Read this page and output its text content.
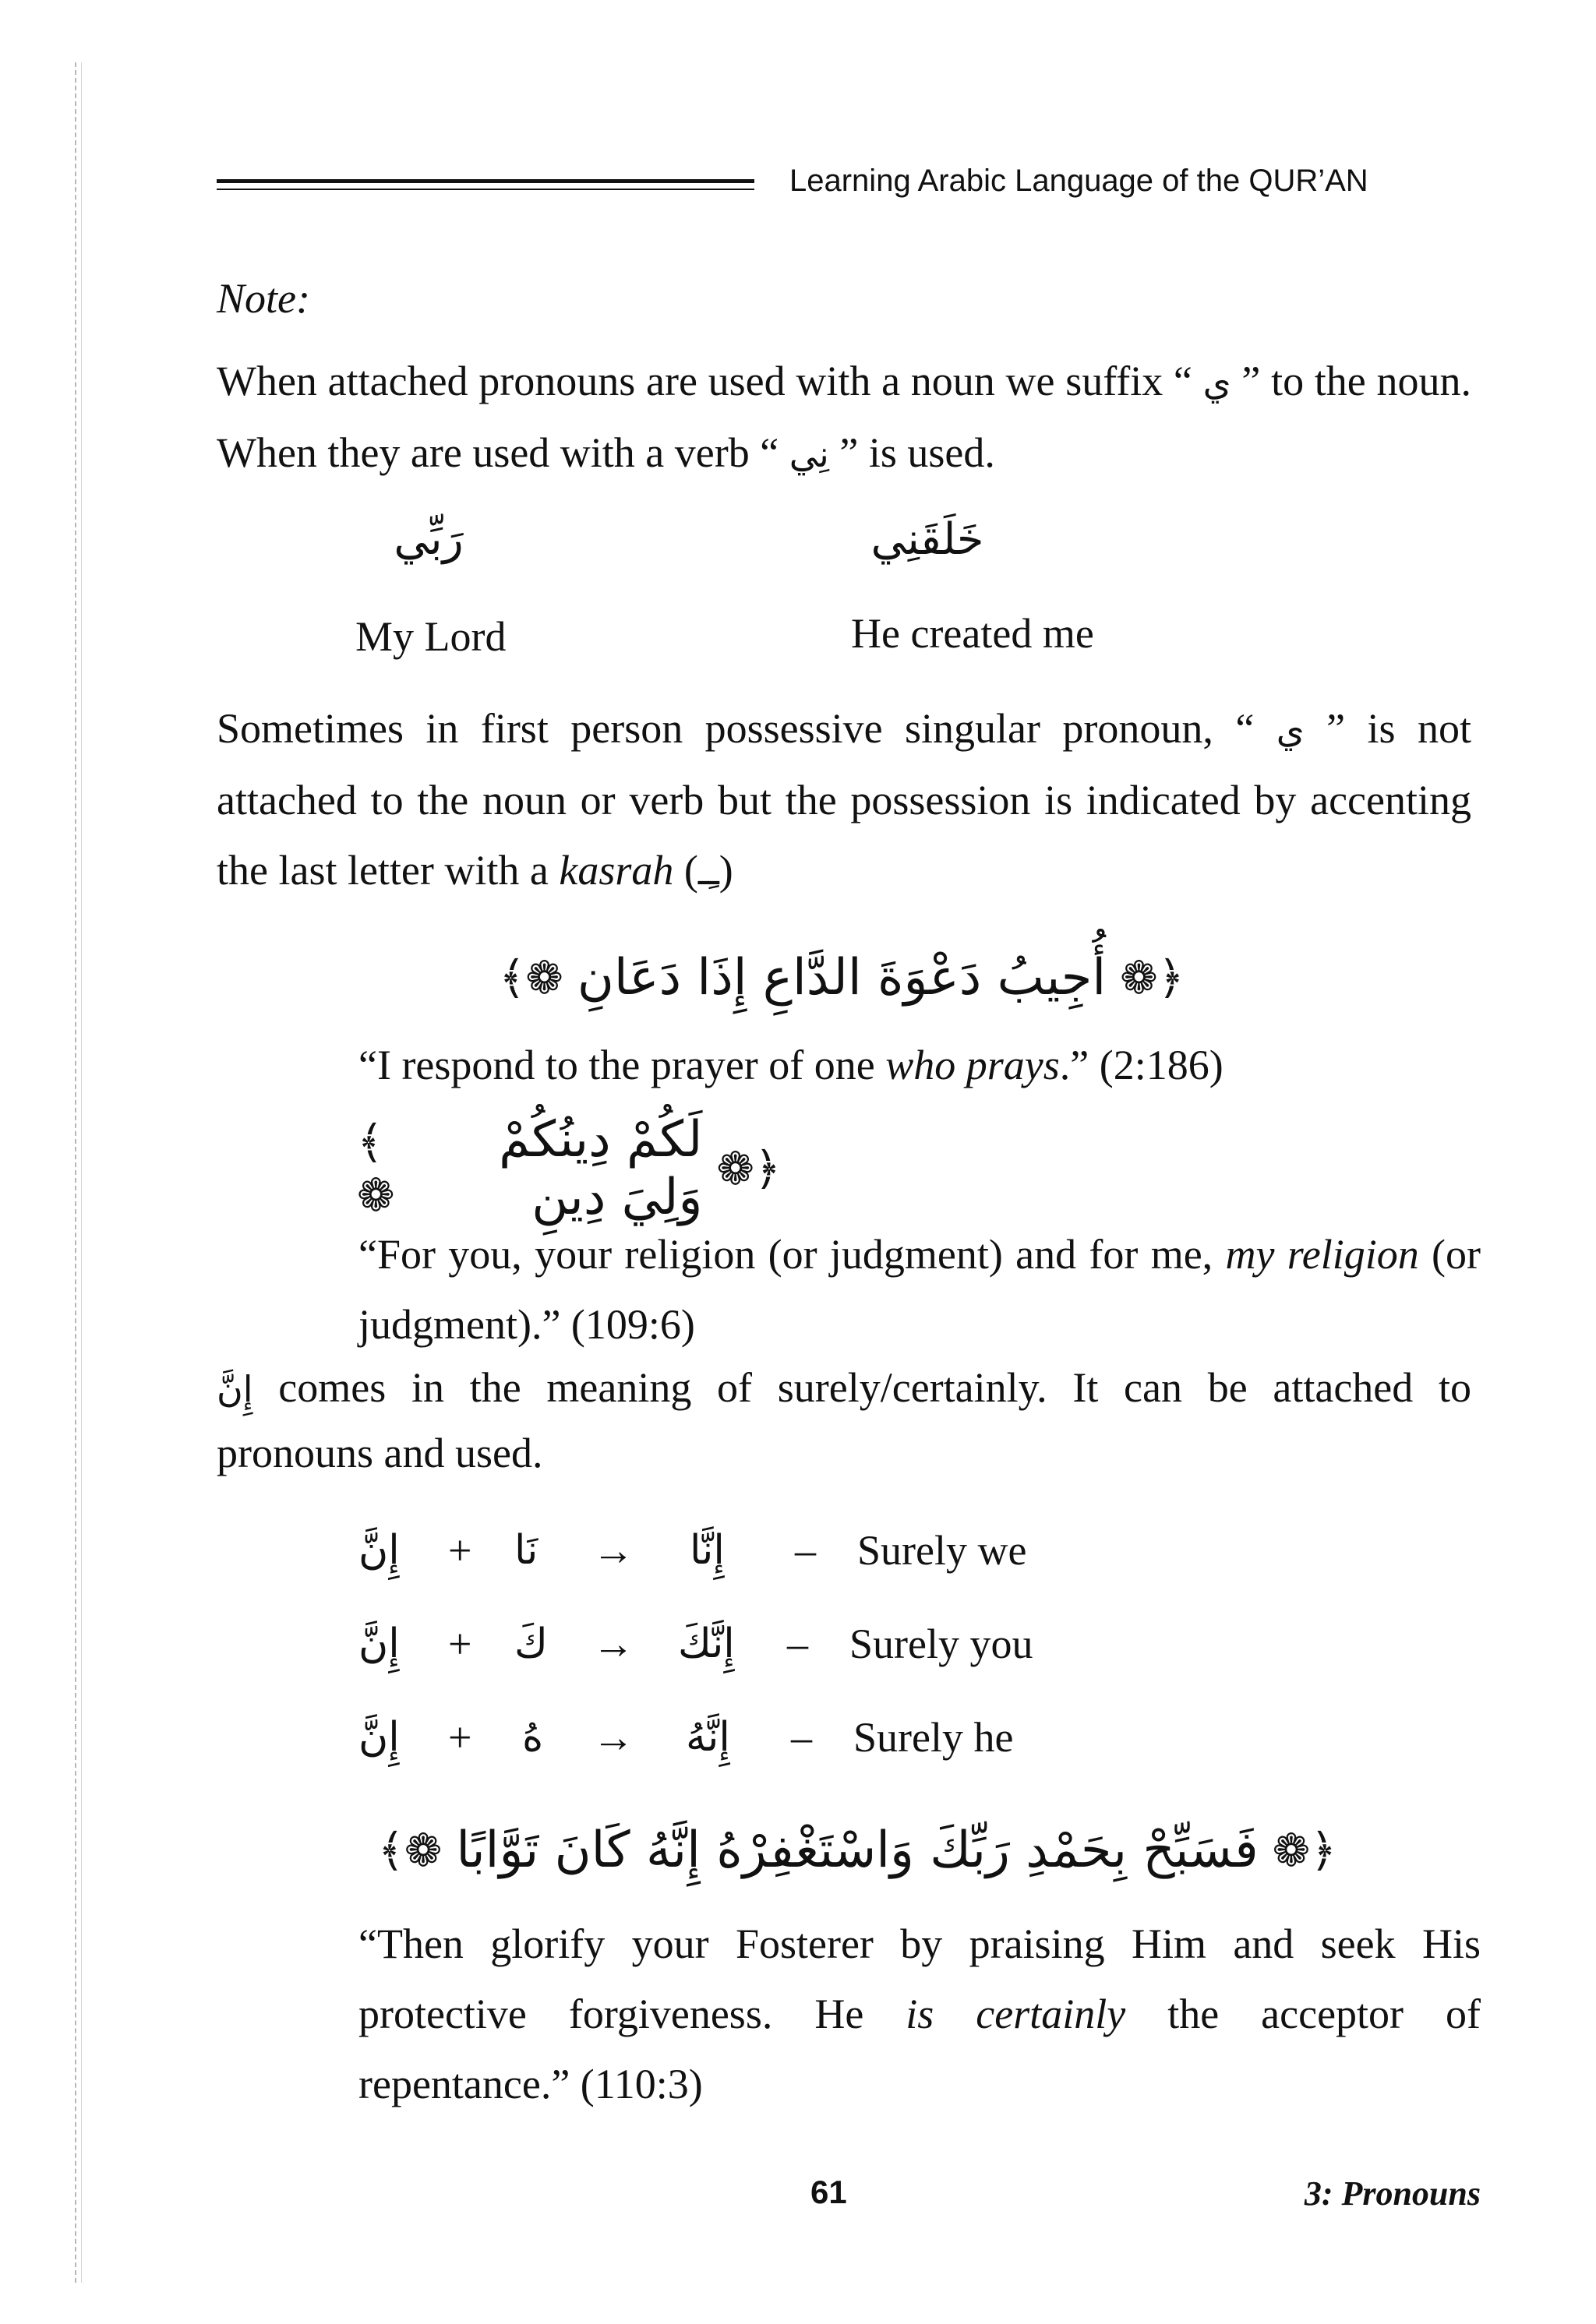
Learning Arabic Language of the QUR’AN
Note:
When attached pronouns are used with a noun we suffix “ ي ” to the noun. When they are used with a verb “ نِي ” is used.
رَبِّي	خَلَقَنِي
My Lord	He created me
Sometimes in first person possessive singular pronoun, “ ي ” is not attached to the noun or verb but the possession is indicated by accenting the last letter with a kasrah (ـِـ)
❁﴿
أُجِيبُ دَعْوَةَ الدَّاعِ إِذَا دَعَانِ
﴾❁
“I respond to the prayer of one who prays.” (2:186)
❁﴿
لَكُمْ دِينُكُمْ وَلِيَ دِينِ
﴾❁
“For you, your religion (or judgment) and for me, my religion (or judgment).” (109:6)
إِنَّ comes in the meaning of surely/certainly. It can be attached to pronouns and used.
إِنَّ + نَا → إِنَّا – Surely we
إِنَّ + كَ → إِنَّكَ – Surely you
إِنَّ + هُ → إِنَّهُ – Surely he
❁﴿
فَسَبِّحْ بِحَمْدِ رَبِّكَ وَاسْتَغْفِرْهُ إِنَّهُ كَانَ تَوَّابًا
﴾❁
“Then glorify your Fosterer by praising Him and seek His protective forgiveness. He is certainly the acceptor of repentance.” (110:3)
61	3: Pronouns
